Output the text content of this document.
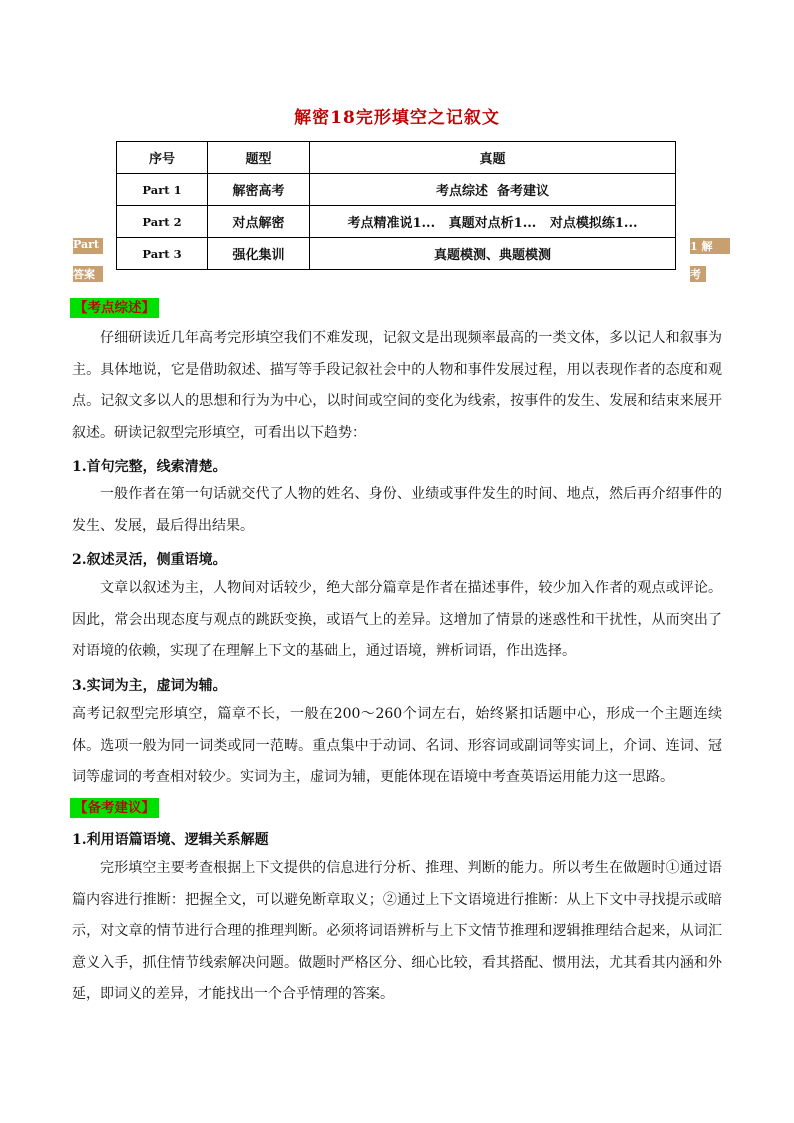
解密18完形填空之记叙文
序号	题型	真题
Part 1	解密高考	考点综述  备考建议
Part 2	对点解密	考点精准说1...   真题对点析1...   对点模拟练1...
Part 3	强化集训	真题模测、典题模测
Part
答案
1 解
考
【考点综述】
仔细研读近几年高考完形填空我们不难发现，记叙文是出现频率最高的一类文体，多以记人和叙事为主。具体地说，它是借助叙述、描写等手段记叙社会中的人物和事件发展过程，用以表现作者的态度和观点。记叙文多以人的思想和行为为中心，以时间或空间的变化为线索，按事件的发生、发展和结束来展开叙述。研读记叙型完形填空，可看出以下趋势：
1.首句完整，线索清楚。
一般作者在第一句话就交代了人物的姓名、身份、业绩或事件发生的时间、地点，然后再介绍事件的发生、发展，最后得出结果。
2.叙述灵活，侧重语境。
文章以叙述为主，人物间对话较少，绝大部分篇章是作者在描述事件，较少加入作者的观点或评论。因此，常会出现态度与观点的跳跃变换，或语气上的差异。这增加了情景的迷惑性和干扰性，从而突出了对语境的依赖，实现了在理解上下文的基础上，通过语境，辨析词语，作出选择。
3.实词为主，虚词为辅。
高考记叙型完形填空，篇章不长，一般在200～260个词左右，始终紧扣话题中心，形成一个主题连续体。选项一般为同一词类或同一范畴。重点集中于动词、名词、形容词或副词等实词上，介词、连词、冠词等虚词的考查相对较少。实词为主，虚词为辅，更能体现在语境中考查英语运用能力这一思路。
【备考建议】
1.利用语篇语境、逻辑关系解题
完形填空主要考查根据上下文提供的信息进行分析、推理、判断的能力。所以考生在做题时①通过语篇内容进行推断：把握全文，可以避免断章取义；②通过上下文语境进行推断：从上下文中寻找提示或暗示，对文章的情节进行合理的推理判断。必须将词语辨析与上下文情节推理和逻辑推理结合起来，从词汇意义入手，抓住情节线索解决问题。做题时严格区分、细心比较，看其搭配、惯用法，尤其看其内涵和外延，即词义的差异，才能找出一个合乎情理的答案。
